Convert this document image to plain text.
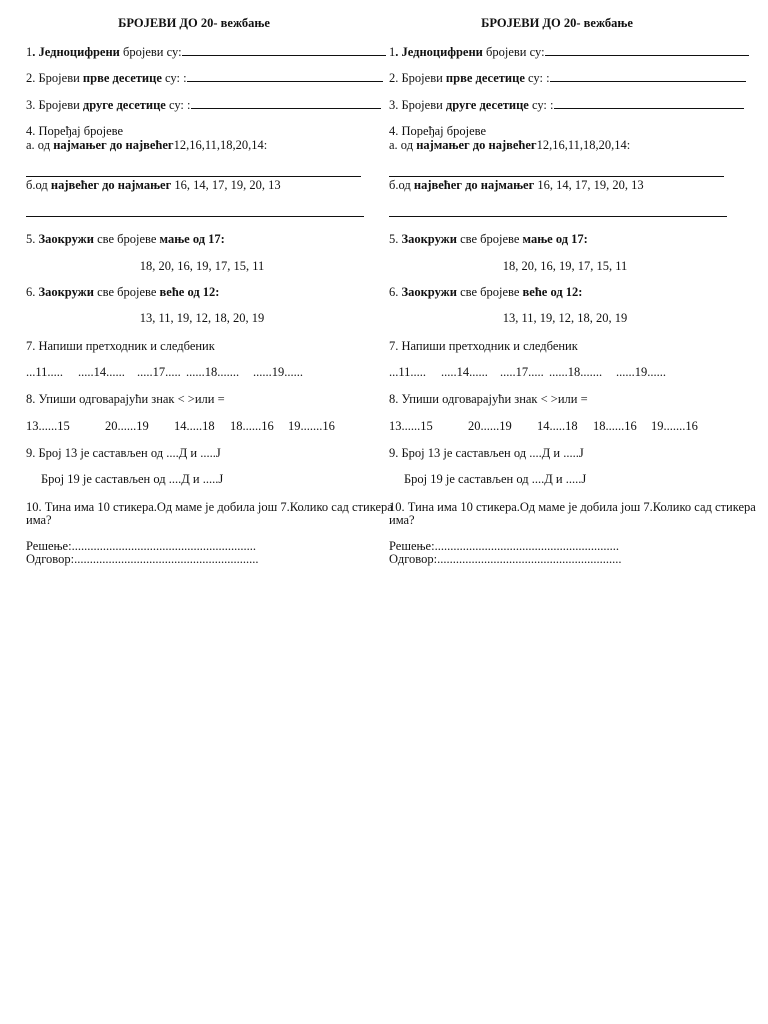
БРОЈЕВИ ДО 20- вежбање
1. Једноцифрени бројеви су:
2. Бројеви прве десетице су: :
3. Бројеви друге десетице су: :
4. Поређај бројеве
а. од најмањег до највећег12,16,11,18,20,14:
б.од највећег до најмањег 16, 14, 17, 19, 20, 13
5. Заокружи све бројеве мање од 17:
18, 20, 16, 19, 17, 15, 11
6. Заокружи све бројеве веће од 12:
13, 11, 19, 12, 18, 20, 19
7. Напиши претходник и следбеник
...11..... .....14...... .....17..... ......18....... ......19......
8. Упиши одговарајући знак < >или =
13......15	20......19 14.....18 18......16 19.......16
9. Број 13 је састављен од ....Д и .....Ј
Број 19 је састављен од ....Д и .....Ј
10. Тина има 10 стикера.Од маме је добила још 7.Колико сад стикера
има?
Решење:...........................................................
Одговор:...........................................................
БРОЈЕВИ ДО 20- вежбање
1. Једноцифрени бројеви су:
2. Бројеви прве десетице су: :
3. Бројеви друге десетице су: :
4. Поређај бројеве
а. од најмањег до највећег12,16,11,18,20,14:
б.од највећег до најмањег 16, 14, 17, 19, 20, 13
5. Заокружи све бројеве мање од 17:
18, 20, 16, 19, 17, 15, 11
6. Заокружи све бројеве веће од 12:
13, 11, 19, 12, 18, 20, 19
7. Напиши претходник и следбеник
...11..... .....14...... .....17..... ......18....... ......19......
8. Упиши одговарајући знак < >или =
13......15	20......19 14.....18 18......16 19.......16
9. Број 13 је састављен од ....Д и .....Ј
Број 19 је састављен од ....Д и .....Ј
10. Тина има 10 стикера.Од маме је добила још 7.Колико сад стикера
има?
Решење:...........................................................
Одговор:...........................................................
